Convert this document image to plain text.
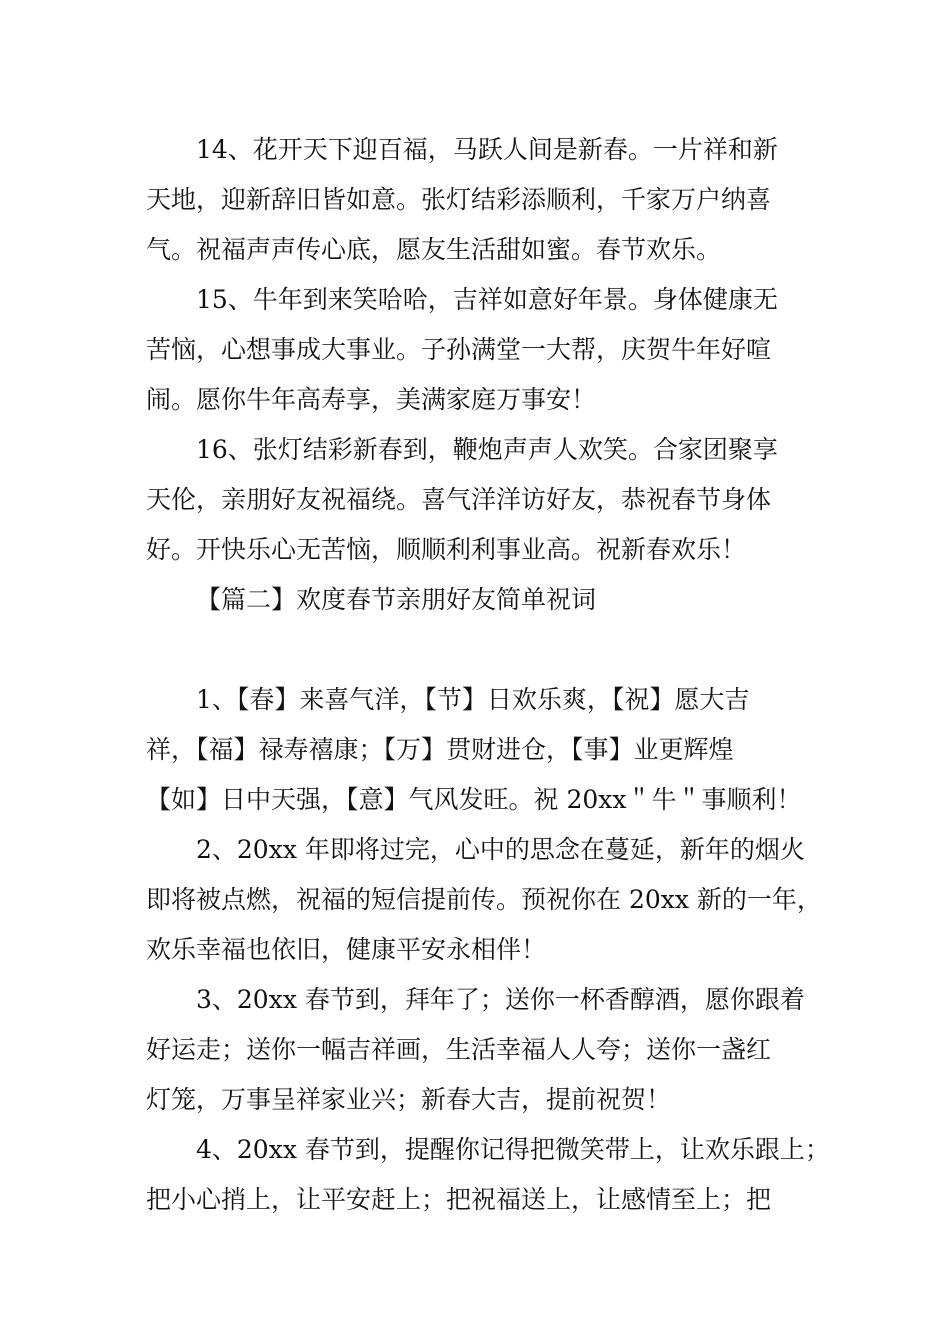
14、花开天下迎百福，马跃人间是新春。一片祥和新
天地，迎新辞旧皆如意。张灯结彩添顺利，千家万户纳喜
气。祝福声声传心底，愿友生活甜如蜜。春节欢乐。
15、牛年到来笑哈哈，吉祥如意好年景。身体健康无
苦恼，心想事成大事业。子孙满堂一大帮，庆贺牛年好喧
闹。愿你牛年高寿享，美满家庭万事安！
16、张灯结彩新春到，鞭炮声声人欢笑。合家团聚享
天伦，亲朋好友祝福绕。喜气洋洋访好友，恭祝春节身体
好。开快乐心无苦恼，顺顺利利事业高。祝新春欢乐！
【篇二】欢度春节亲朋好友简单祝词
1、【春】来喜气洋，【节】日欢乐爽，【祝】愿大吉
祥，【福】禄寿禧康；【万】贯财进仓，【事】业更辉煌
【如】日中天强，【意】气风发旺。祝 20xx＂牛＂事顺利！
2、20xx 年即将过完，心中的思念在蔓延，新年的烟火
即将被点燃，祝福的短信提前传。预祝你在 20xx 新的一年，
欢乐幸福也依旧，健康平安永相伴！
3、20xx 春节到，拜年了；送你一杯香醇酒，愿你跟着
好运走；送你一幅吉祥画，生活幸福人人夸；送你一盏红
灯笼，万事呈祥家业兴；新春大吉，提前祝贺！
4、20xx 春节到，提醒你记得把微笑带上，让欢乐跟上；
把小心捎上，让平安赶上；把祝福送上，让感情至上；把
